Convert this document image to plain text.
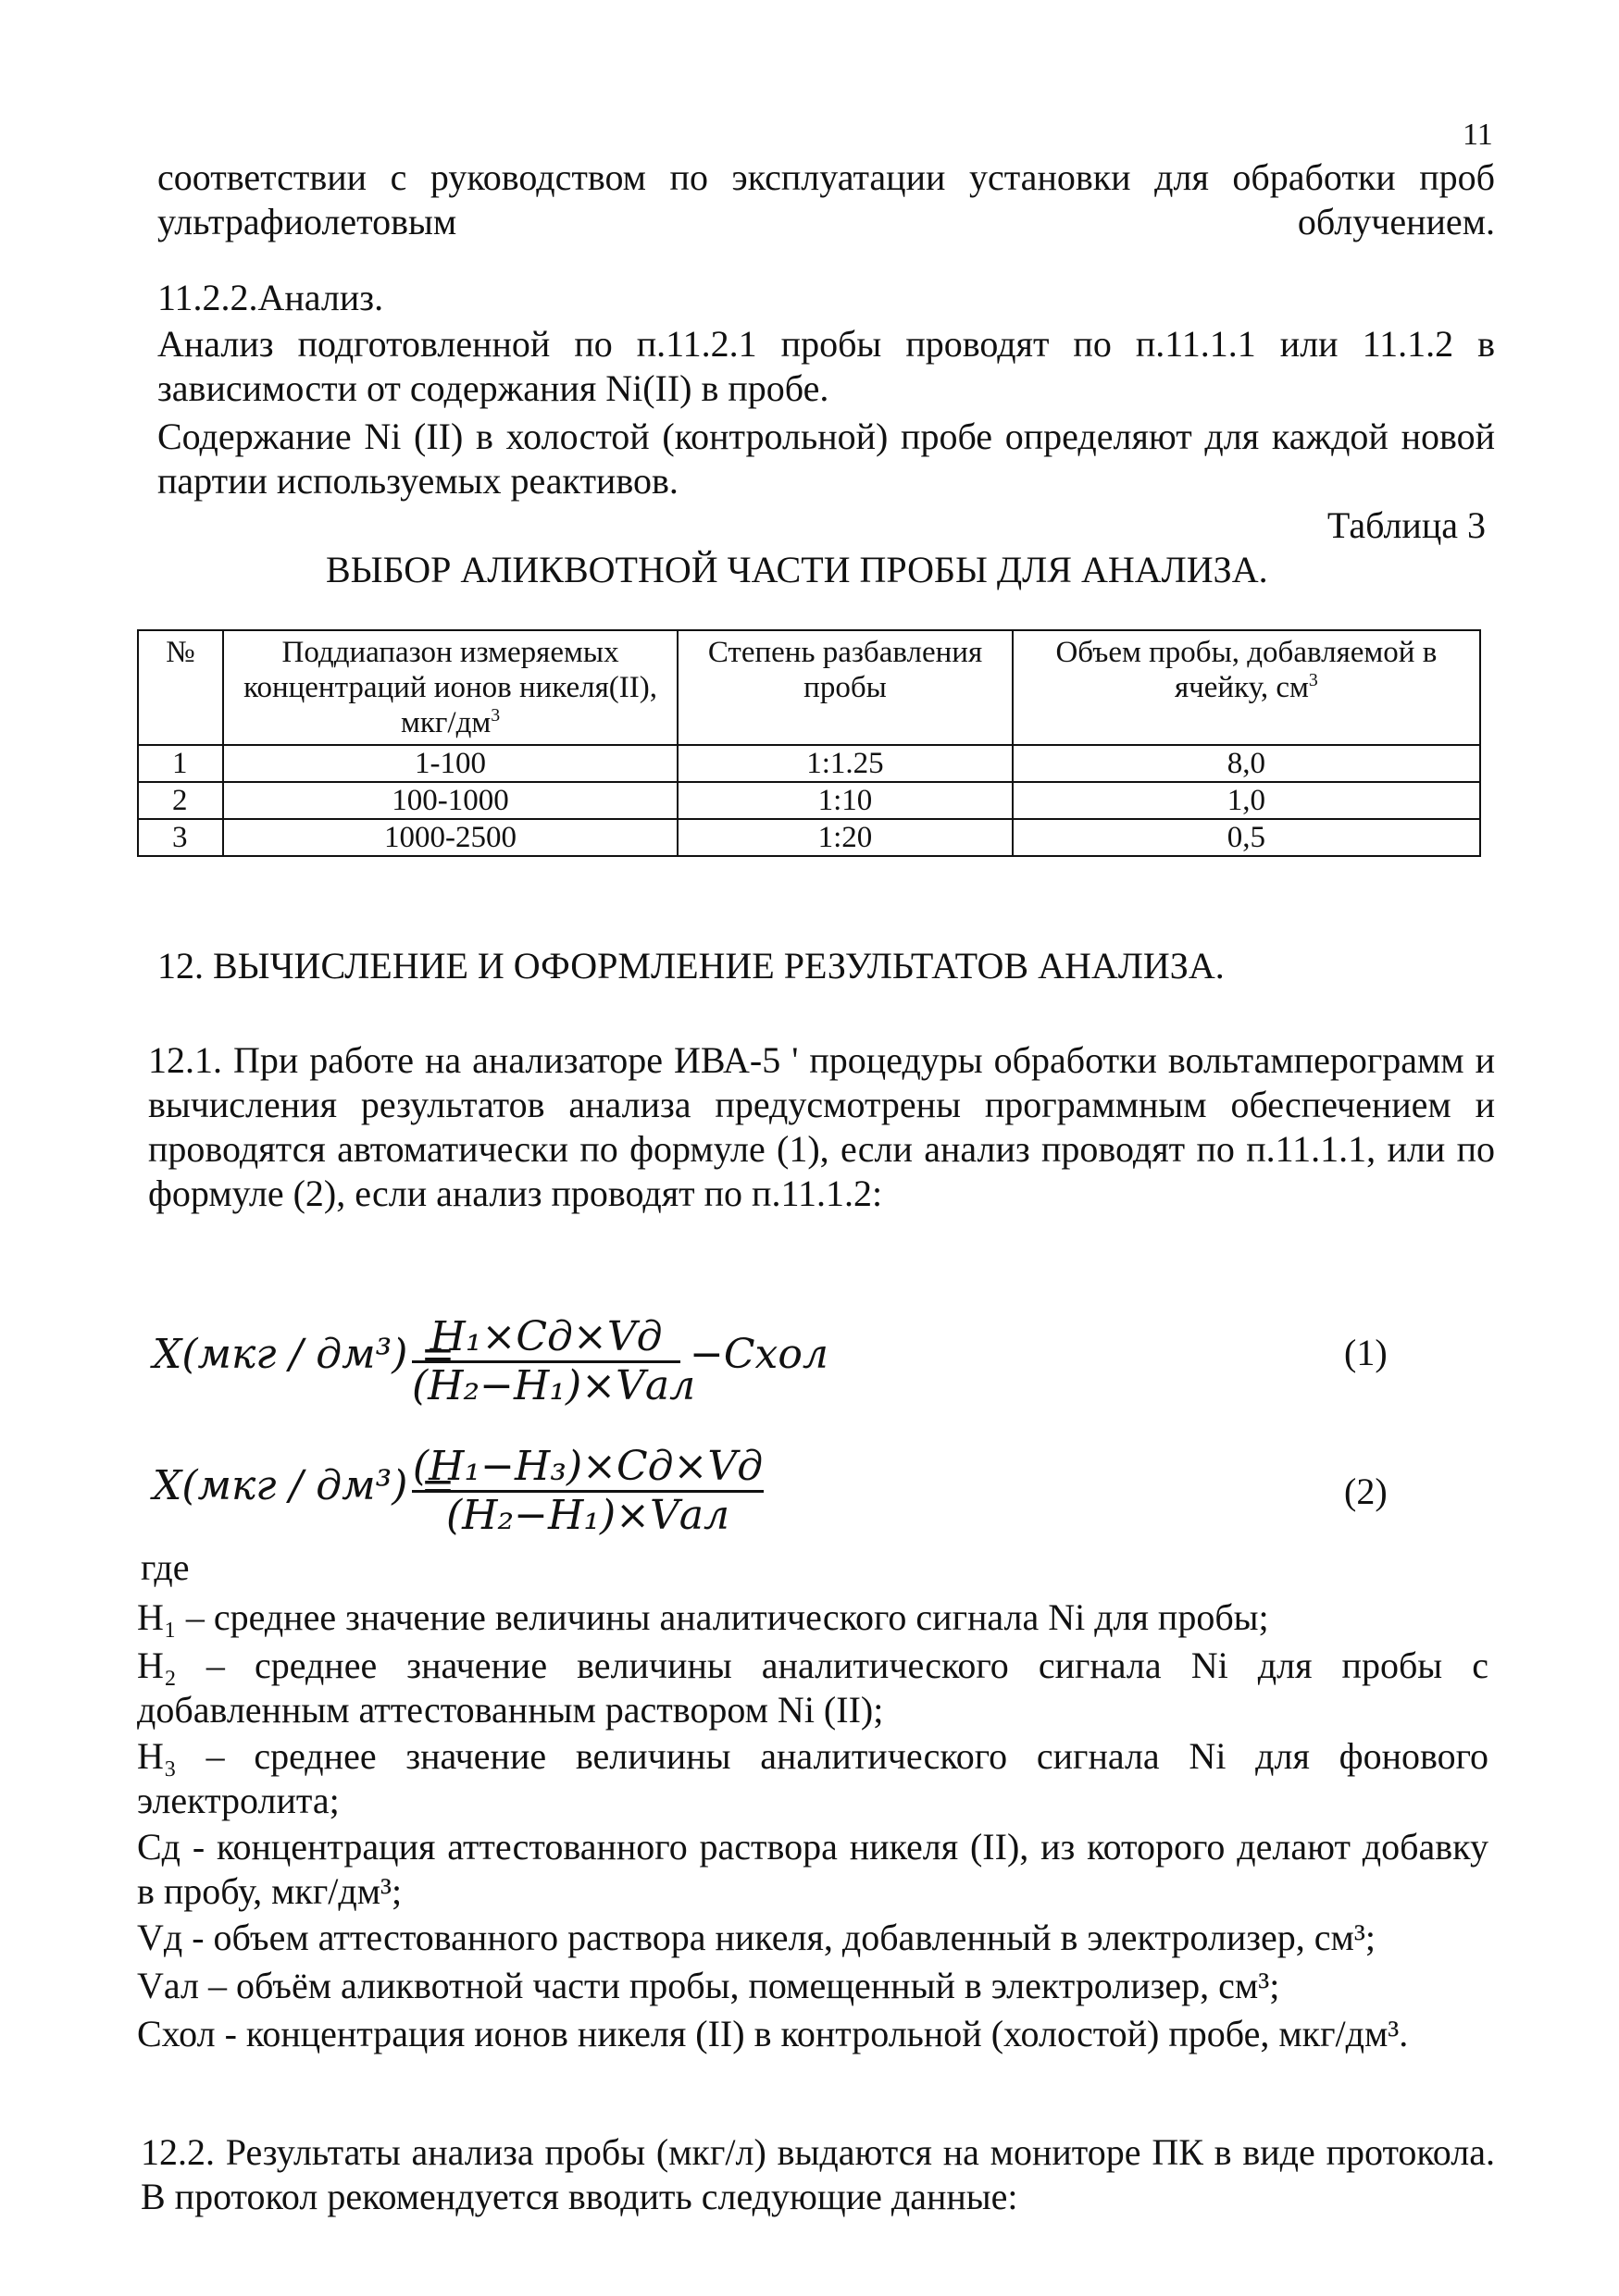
11

соответствии с руководством по эксплуатации установки для обработки проб ультрафиолетовым облучением.

11.2.2.Анализ.

Анализ подготовленной по п.11.2.1 пробы проводят по п.11.1.1 или 11.1.2 в зависимости от содержания Ni(II) в пробе.

Содержание Ni (II) в холостой (контрольной) пробе определяют для каждой новой партии используемых реактивов.

Таблица 3
ВЫБОР АЛИКВОТНОЙ ЧАСТИ ПРОБЫ ДЛЯ АНАЛИЗА.
№	Поддиапазон измеряемых концентраций ионов никеля(II), мкг/$дм^3$	Степень разбавления пробы	Объем пробы, добавляемой в ячейку, $см^3$
1	1-100	1:1.25	8,0
2	100-1000	1:10	1,0
3	1000-2500	1:20	0,5
12. ВЫЧИСЛЕНИЕ И ОФОРМЛЕНИЕ РЕЗУЛЬТАТОВ АНАЛИЗА.

12.1. При работе на анализаторе ИВА-5 ' процедуры обработки вольтамперограмм и вычисления результатов анализа предусмотрены программным обеспечением и проводятся автоматически по формуле (1), если анализ проводят по п.11.1.1, или по формуле (2), если анализ проводят по п.11.1.2:

X(мкг / дм³) =
H₁×Cд×Vд
(H₂−H₁)×Vал
−Cхол	(1)
X(мкг / дм³) =
(H₁−H₃)×Cд×Vд
(H₂−H₁)×Vал
(2)
где

H₁ – среднее значение величины аналитического сигнала Ni для пробы;

H₂ – среднее значение величины аналитического сигнала Ni для пробы с добавленным аттестованным раствором Ni (II);

H₃ – среднее значение величины аналитического сигнала Ni для фонового электролита;

Сд - концентрация аттестованного раствора никеля (II), из которого делают добавку в пробу, мкг/дм³;

Vд - объем аттестованного раствора никеля, добавленный в электролизер, см³;

Vал – объём аликвотной части пробы, помещенный в электролизер, см³;

Схол - концентрация ионов никеля (II) в контрольной (холостой) пробе, мкг/дм³.

12.2. Результаты анализа пробы (мкг/л) выдаются на мониторе ПК в виде протокола. В протокол рекомендуется вводить следующие данные:
